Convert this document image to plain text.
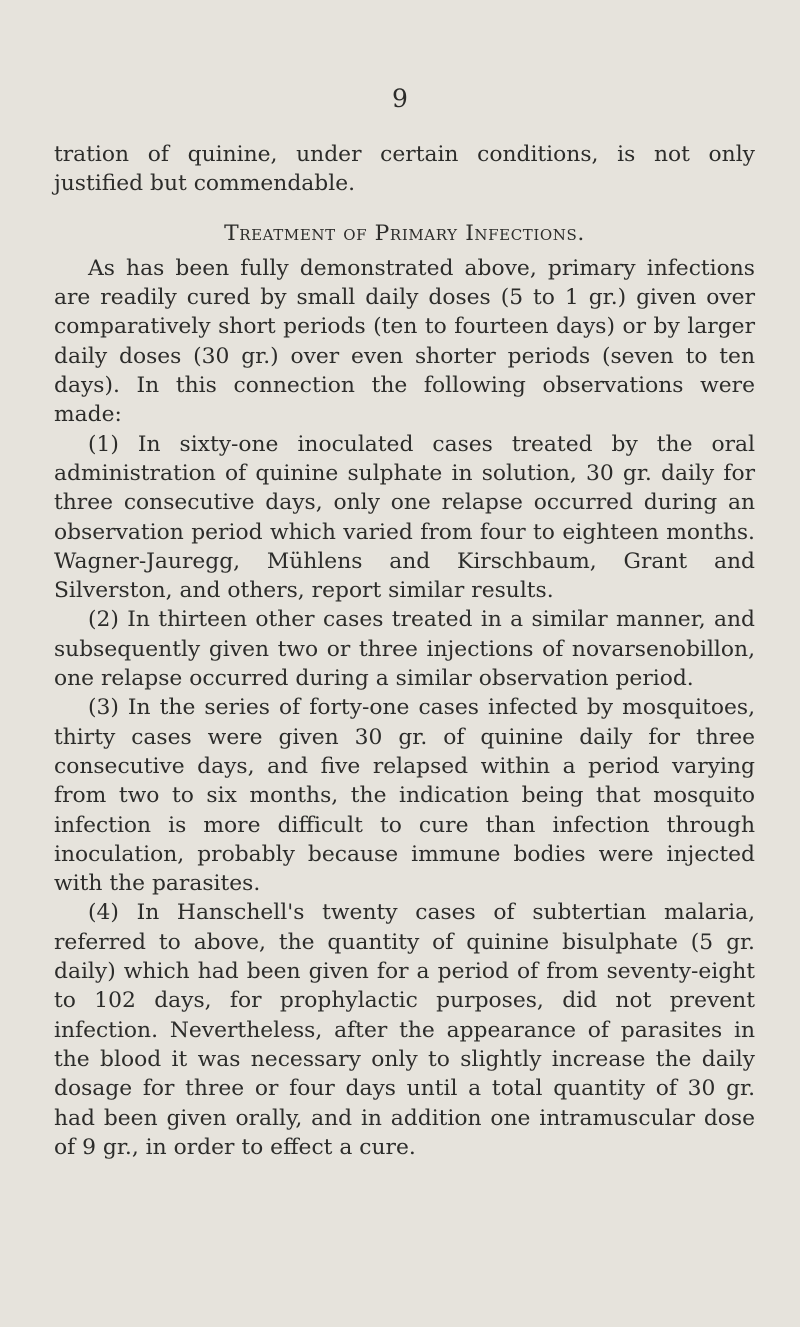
9

tration of quinine, under certain conditions, is not only justified but commendable.

Treatment of Primary Infections.

As has been fully demonstrated above, primary infections are readily cured by small daily doses (5 to 1 gr.) given over comparatively short periods (ten to fourteen days) or by larger daily doses (30 gr.) over even shorter periods (seven to ten days). In this connection the following observations were made:

(1) In sixty-one inoculated cases treated by the oral administration of quinine sulphate in solution, 30 gr. daily for three consecutive days, only one relapse occurred during an observation period which varied from four to eighteen months. Wagner-Jauregg, Mühlens and Kirschbaum, Grant and Silverston, and others, report similar results.

(2) In thirteen other cases treated in a similar manner, and subsequently given two or three injections of novarsenobillon, one relapse occurred during a similar observation period.

(3) In the series of forty-one cases infected by mosquitoes, thirty cases were given 30 gr. of quinine daily for three consecutive days, and five relapsed within a period varying from two to six months, the indication being that mosquito infection is more difficult to cure than infection through inoculation, probably because immune bodies were injected with the parasites.

(4) In Hanschell's twenty cases of subtertian malaria, referred to above, the quantity of quinine bisulphate (5 gr. daily) which had been given for a period of from seventy-eight to 102 days, for prophylactic purposes, did not prevent infection. Nevertheless, after the appearance of parasites in the blood it was necessary only to slightly increase the daily dosage for three or four days until a total quantity of 30 gr. had been given orally, and in addition one intramuscular dose of 9 gr., in order to effect a cure.
